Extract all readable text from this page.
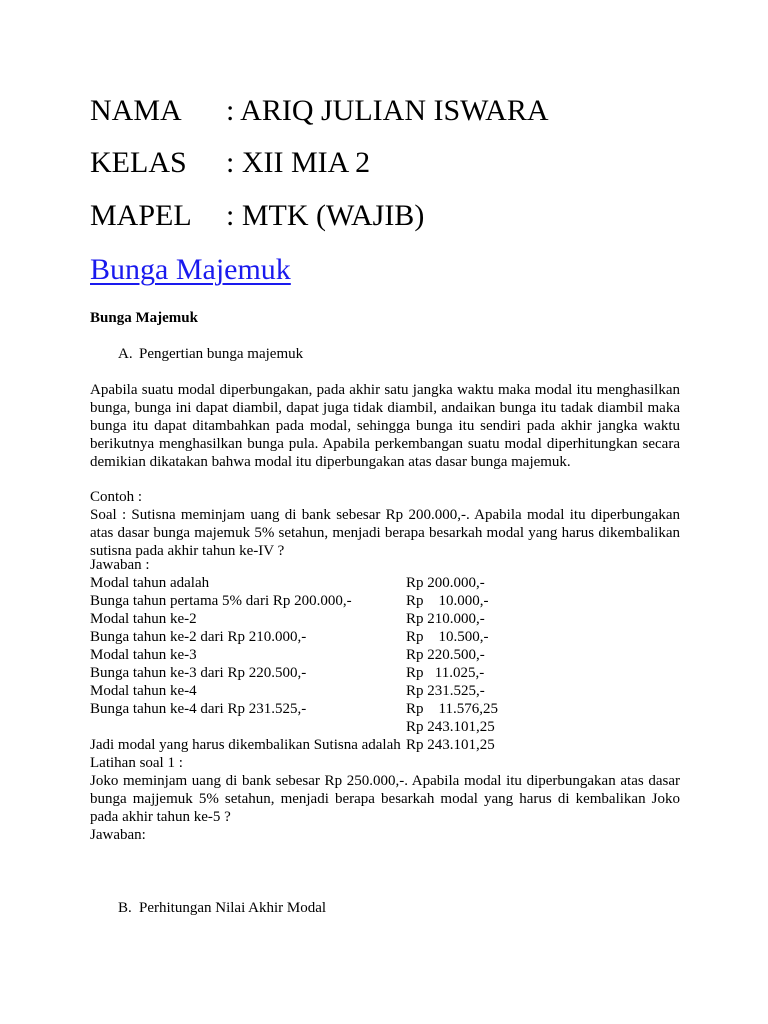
NAMA : ARIQ JULIAN ISWARA
KELAS : XII MIA 2
MAPEL : MTK (WAJIB)
Bunga Majemuk
Bunga Majemuk
A. Pengertian bunga majemuk
Apabila suatu modal diperbungakan, pada akhir satu jangka waktu maka modal itu menghasilkan bunga, bunga ini dapat diambil, dapat juga tidak diambil, andaikan bunga itu tadak diambil maka bunga itu dapat ditambahkan pada modal, sehingga bunga itu sendiri pada akhir jangka waktu berikutnya menghasilkan bunga pula. Apabila perkembangan suatu modal diperhitungkan secara demikian dikatakan bahwa modal itu diperbungakan atas dasar bunga majemuk.
Contoh :
Soal : Sutisna meminjam uang di bank sebesar Rp 200.000,-. Apabila modal itu diperbungakan atas dasar bunga majemuk 5% setahun, menjadi berapa besarkah modal yang harus dikembalikan sutisna pada akhir tahun ke-IV ?
Jawaban :
Modal tahun adalah	Rp 200.000,-
Bunga tahun pertama 5% dari Rp 200.000,-	Rp    10.000,-
Modal tahun ke-2	Rp 210.000,-
Bunga tahun ke-2 dari Rp 210.000,-	Rp    10.500,-
Modal tahun ke-3	Rp 220.500,-
Bunga tahun ke-3 dari Rp 220.500,-	Rp   11.025,-
Modal tahun ke-4	Rp 231.525,-
Bunga tahun ke-4 dari Rp 231.525,-	Rp    11.576,25
Rp 243.101,25
Jadi modal yang harus dikembalikan Sutisna adalah Rp 243.101,25
Latihan soal 1 :
Joko meminjam uang di bank sebesar Rp 250.000,-. Apabila modal itu diperbungakan atas dasar bunga majjemuk 5% setahun, menjadi berapa besarkah modal yang harus di kembalikan Joko pada akhir tahun ke-5 ?
Jawaban:
B. Perhitungan Nilai Akhir Modal
